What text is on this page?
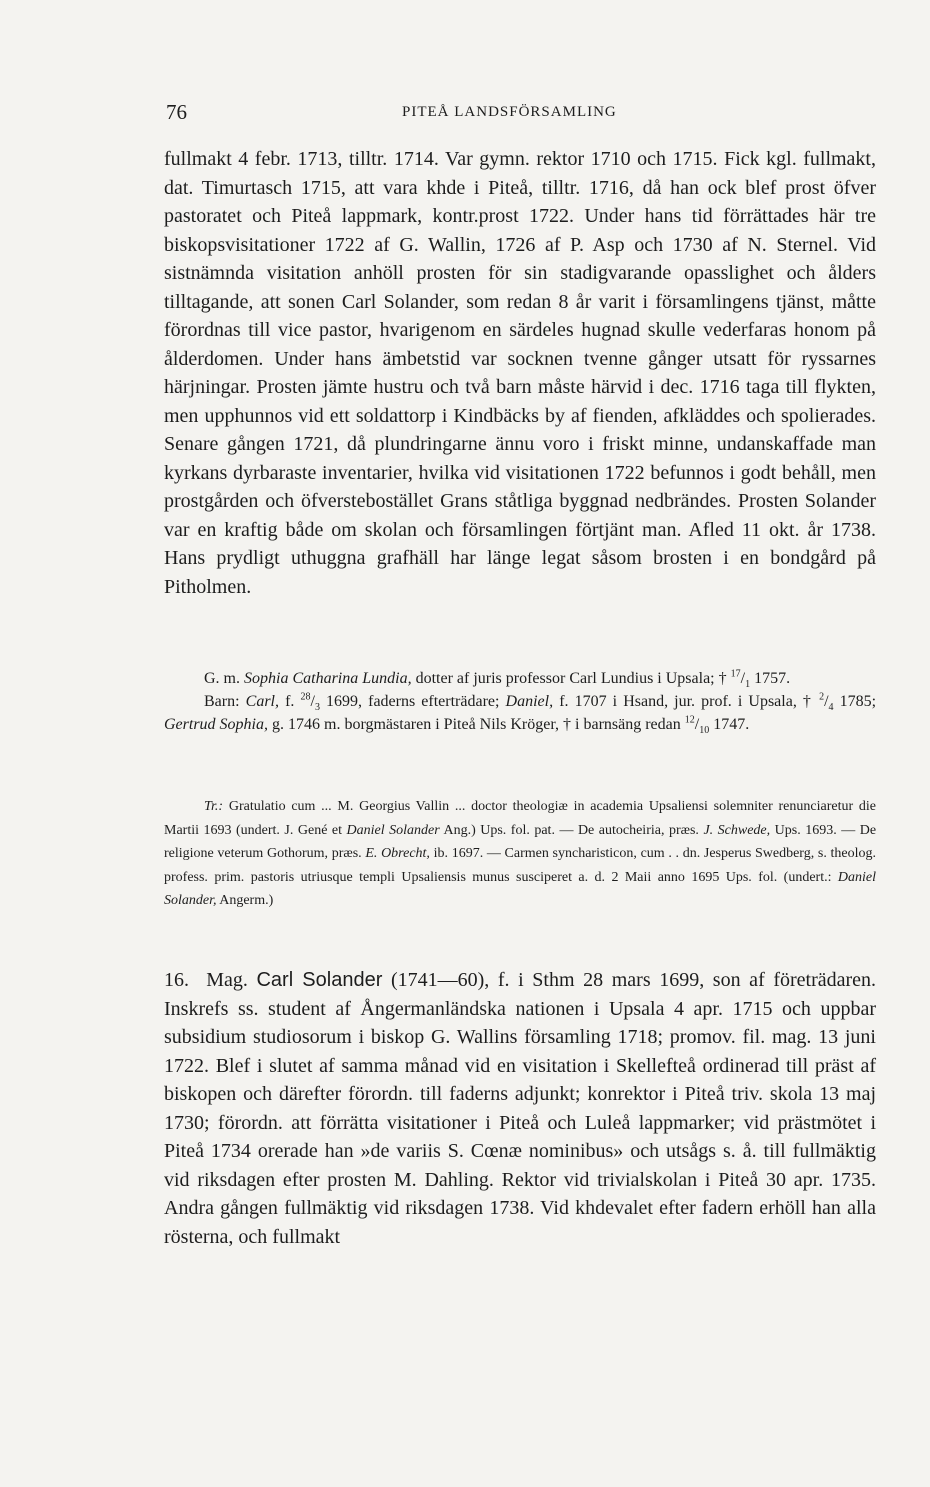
76	PITEÅ LANDSFÖRSAMLING

fullmakt 4 febr. 1713, tilltr. 1714. Var gymn. rektor 1710 och 1715. Fick kgl. fullmakt, dat. Timurtasch 1715, att vara khde i Piteå, tilltr. 1716, då han ock blef prost öfver pastoratet och Piteå lappmark, kontr.prost 1722. Under hans tid förrättades här tre biskopsvisitationer 1722 af G. Wallin, 1726 af P. Asp och 1730 af N. Sternel. Vid sistnämnda visitation anhöll prosten för sin stadigvarande opasslighet och ålders tilltagande, att sonen Carl Solander, som redan 8 år varit i församlingens tjänst, måtte förordnas till vice pastor, hvarigenom en särdeles hugnad skulle vederfaras honom på ålderdomen. Under hans ämbetstid var socknen tvenne gånger utsatt för ryssarnes härjningar. Prosten jämte hustru och två barn måste härvid i dec. 1716 taga till flykten, men upphunnos vid ett soldattorp i Kindbäcks by af fienden, afkläddes och spolierades. Senare gången 1721, då plundringarne ännu voro i friskt minne, undanskaffade man kyrkans dyrbaraste inventarier, hvilka vid visitationen 1722 befunnos i godt behåll, men prostgården och öfverstebostället Grans ståtliga byggnad nedbrändes. Prosten Solander var en kraftig både om skolan och församlingen förtjänt man. Afled 11 okt. år 1738. Hans prydligt uthuggna grafhäll har länge legat såsom brosten i en bondgård på Pitholmen.

G. m. Sophia Catharina Lundia, dotter af juris professor Carl Lundius i Upsala; † $^{17}/_1$ 1757.

Barn: Carl, f. $^{28}/_3$ 1699, faderns efterträdare; Daniel, f. 1707 i Hsand, jur. prof. i Upsala, † $^2/_4$ 1785; Gertrud Sophia, g. 1746 m. borgmästaren i Piteå Nils Kröger, † i barnsäng redan $^{12}/_{10}$ 1747.

Tr.: Gratulatio cum ... M. Georgius Vallin ... doctor theologiæ in academia Upsaliensi solemniter renunciaretur die Martii 1693 (undert. J. Gené et Daniel Solander Ang.) Ups. fol. pat. — De autocheiria, præs. J. Schwede, Ups. 1693. — De religione veterum Gothorum, præs. E. Obrecht, ib. 1697. — Carmen syncharisticon, cum . . dn. Jesperus Swedberg, s. theolog. profess. prim. pastoris utriusque templi Upsaliensis munus susciperet a. d. 2 Maii anno 1695 Ups. fol. (undert.: Daniel Solander, Angerm.)

16. Mag. Carl Solander (1741—60), f. i Sthm 28 mars 1699, son af företrädaren. Inskrefs ss. student af Ångermanländska nationen i Upsala 4 apr. 1715 och uppbar subsidium studiosorum i biskop G. Wallins församling 1718; promov. fil. mag. 13 juni 1722. Blef i slutet af samma månad vid en visitation i Skellefteå ordinerad till präst af biskopen och därefter förordn. till faderns adjunkt; konrektor i Piteå triv. skola 13 maj 1730; förordn. att förrätta visitationer i Piteå och Luleå lappmarker; vid prästmötet i Piteå 1734 orerade han »de variis S. Cœnæ nominibus» och utsågs s. å. till fullmäktig vid riksdagen efter prosten M. Dahling. Rektor vid trivialskolan i Piteå 30 apr. 1735. Andra gången fullmäktig vid riksdagen 1738. Vid khdevalet efter fadern erhöll han alla rösterna, och fullmakt
